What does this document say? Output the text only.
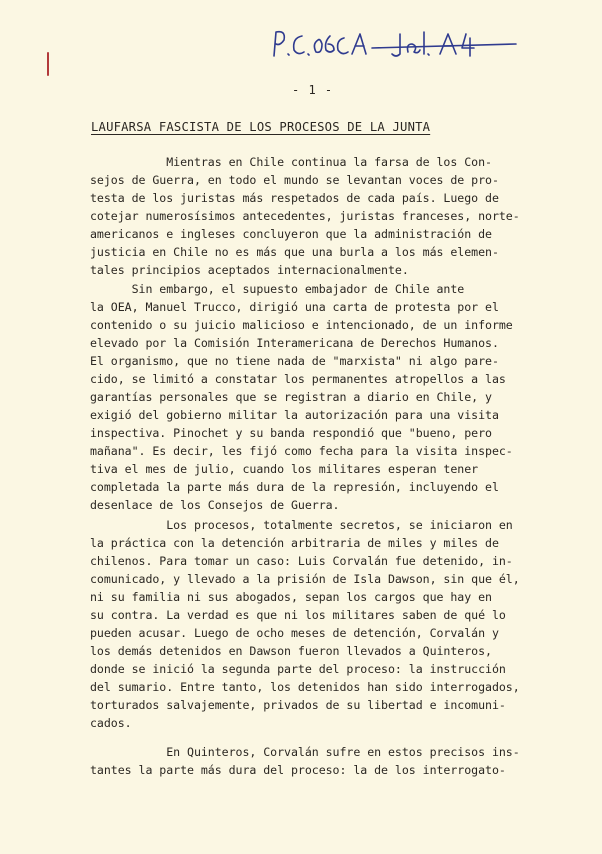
- 1 -
LAUFARSA FASCISTA DE LOS PROCESOS DE LA JUNTA
Mientras en Chile continua la farsa de los Con-
sejos de Guerra, en todo el mundo se levantan voces de pro-
testa de los juristas más respetados de cada país. Luego de
cotejar numerosísimos antecedentes, juristas franceses, norte-
americanos e ingleses concluyeron que la administración de
justicia en Chile no es más que una burla a los más elemen-
tales principios aceptados internacionalmente.
Sin embargo, el supuesto embajador de Chile ante
la OEA, Manuel Trucco, dirigió una carta de protesta por el
contenido o su juicio malicioso e intencionado, de un informe
elevado por la Comisión Interamericana de Derechos Humanos.
El organismo, que no tiene nada de "marxista" ni algo pare-
cido, se limitó a constatar los permanentes atropellos a las
garantías personales que se registran a diario en Chile, y
exigió del gobierno militar la autorización para una visita
inspectiva. Pinochet y su banda respondió que "bueno, pero
mañana". Es decir, les fijó como fecha para la visita inspec-
tiva el mes de julio, cuando los militares esperan tener
completada la parte más dura de la represión, incluyendo el
desenlace de los Consejos de Guerra.
Los procesos, totalmente secretos, se iniciaron en
la práctica con la detención arbitraria de miles y miles de
chilenos. Para tomar un caso: Luis Corvalán fue detenido, in-
comunicado, y llevado a la prisión de Isla Dawson, sin que él,
ni su familia ni sus abogados, sepan los cargos que hay en
su contra. La verdad es que ni los militares saben de qué lo
pueden acusar. Luego de ocho meses de detención, Corvalán y
los demás detenidos en Dawson fueron llevados a Quinteros,
donde se inició la segunda parte del proceso: la instrucción
del sumario. Entre tanto, los detenidos han sido interrogados,
torturados salvajemente, privados de su libertad e incomuni-
cados.
En Quinteros, Corvalán sufre en estos precisos ins-
tantes la parte más dura del proceso: la de los interrogato-
